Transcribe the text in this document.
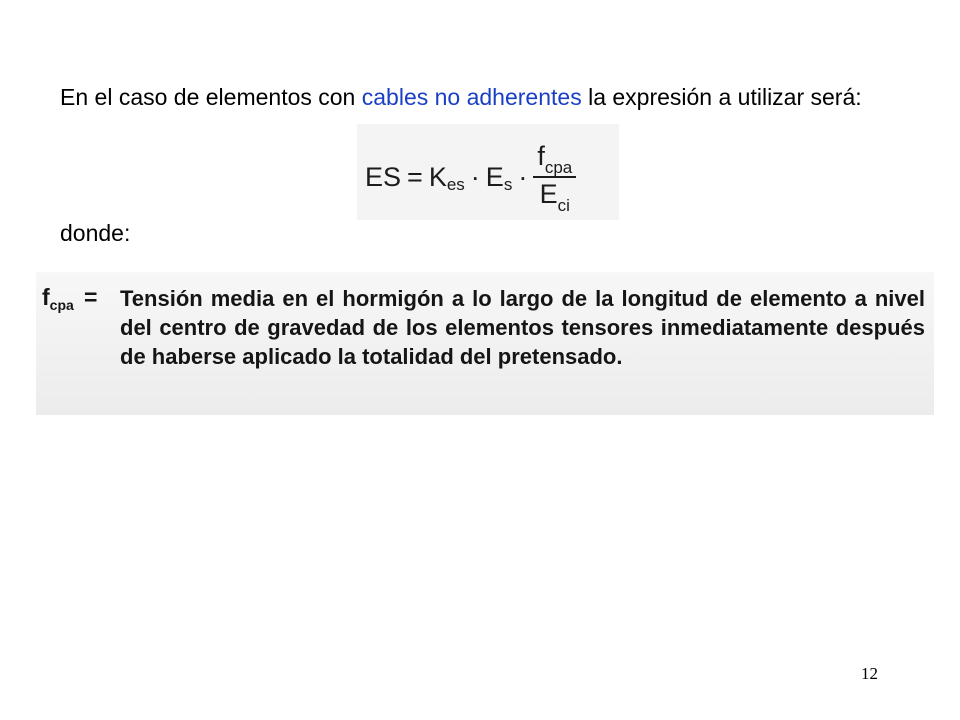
En el caso de elementos con cables no adherentes la expresión a utilizar será:

ES = K es · E $s \cdot \frac{f_{cpa}}{E_{ci}}$
donde:
$f_{cpa}$ = Tensión media en el hormigón a lo largo de la longitud de elemento a nivel del centro de gravedad de los elementos tensores inmediatamente después de haberse aplicado la totalidad del pretensado.
12
